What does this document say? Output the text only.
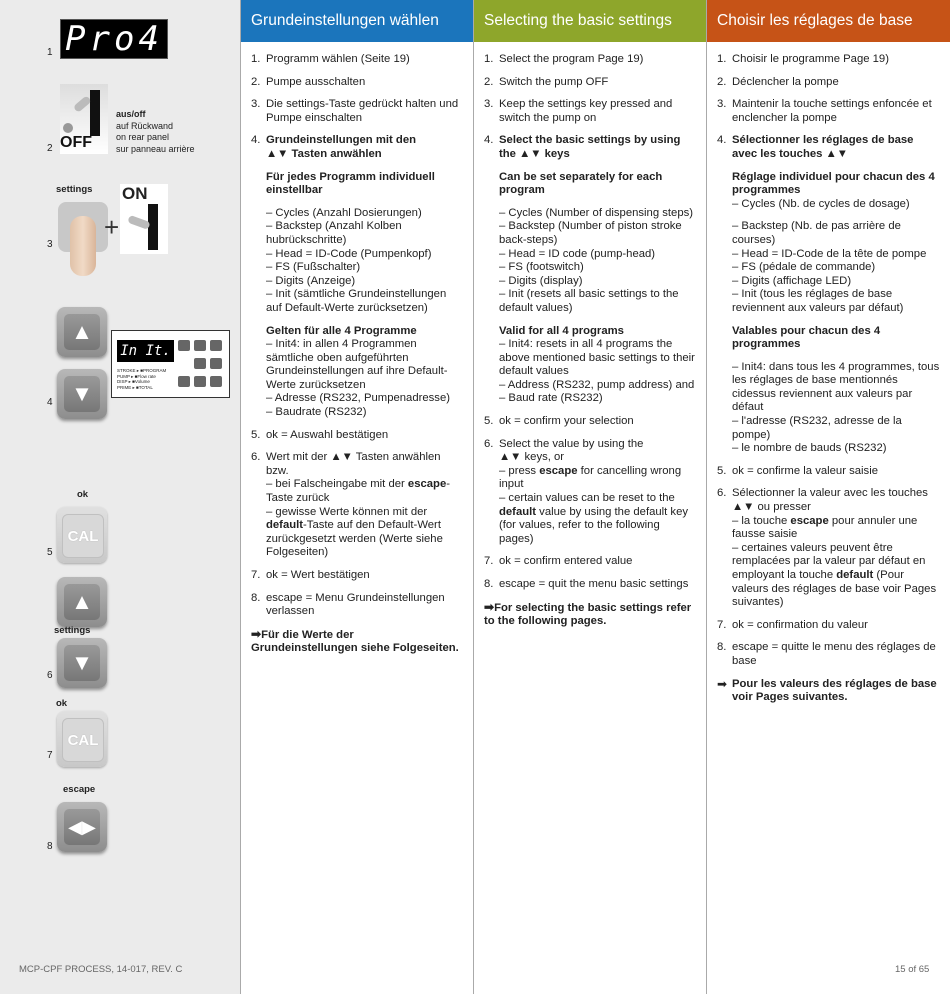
1 Pro4
2 OFF
aus/off
auf Rückwand
on rear panel
sur panneau arrière
settings
3
+
ON
4
▲
▼
In It.
STROKE ▸ ■PROGRAM
PUMP ▸ ■Flow rate
DISP ▸ ■Volume
PRIME ▸ ■TOTAL
ok
5
CAL
▲
settings
6
▼
ok
7
CAL
escape
8
◀▶
MCP-CPF PROCESS, 14-017, REV. C
Grundeinstellungen wählen
1. Programm wählen (Seite 19)
2. Pumpe ausschalten
3. Die settings-Taste gedrückt halten und Pumpe einschalten
4. Grundeinstellungen mit den
▲▼ Tasten anwählen

Für jedes Programm individuell einstellbar

– Cycles (Anzahl Dosierungen)
– Backstep (Anzahl Kolben hubrückschritte)
– Head = ID-Code (Pumpenkopf)
– FS (Fußschalter)
– Digits (Anzeige)
– Init (sämtliche Grundeinstellungen auf Default-Werte zurücksetzen)

Gelten für alle 4 Programme
– Init4: in allen 4 Programmen sämtliche oben aufgeführten Grundeinstellungen auf ihre Default-Werte zurücksetzen
– Adresse (RS232, Pumpenadresse)
– Baudrate (RS232)

5. ok = Auswahl bestätigen
6. Wert mit der ▲▼ Tasten anwählen bzw.
– bei Falscheingabe mit der escape-Taste zurück
– gewisse Werte können mit der default-Taste auf den Default-Wert zurückgesetzt werden (Werte siehe Folgeseiten)
7. ok = Wert bestätigen
8. escape = Menu Grundeinstellungen verlassen

➡Für die Werte der Grundeinstellungen siehe Folgeseiten.

Selecting the basic settings
1. Select the program Page 19)
2. Switch the pump OFF
3. Keep the settings key pressed and switch the pump on
4. Select the basic settings by using the ▲▼ keys

Can be set separately for each program

– Cycles (Number of dispensing steps)
– Backstep (Number of piston stroke back-steps)
– Head = ID code (pump-head)
– FS (footswitch)
– Digits (display)
– Init (resets all basic settings to the default values)

Valid for all 4 programs
– Init4: resets in all 4 programs the above mentioned basic settings to their default values
– Address (RS232, pump address) and
– Baud rate (RS232)

5. ok = confirm your selection
6. Select the value by using the
▲▼ keys, or
– press escape for cancelling wrong input
– certain values can be reset to the default value by using the default key (for values, refer to the following pages)
7. ok = confirm entered value
8. escape = quit the menu basic settings

➡For selecting the basic settings refer to the following pages.

Choisir les réglages de base
1. Choisir le programme Page 19)
2. Déclencher la pompe
3. Maintenir la touche settings enfoncée et enclencher la pompe
4. Sélectionner les réglages de base avec les touches ▲▼

Réglage individuel pour chacun des 4 programmes
– Cycles (Nb. de cycles de dosage)

– Backstep (Nb. de pas arrière de courses)
– Head = ID-Code de la tête de pompe
– FS (pédale de commande)
– Digits (affichage LED)
– Init (tous les réglages de base reviennent aux valeurs par défaut)

Valables pour chacun des 4 programmes

– Init4: dans tous les 4 programmes, tous les réglages de base mentionnés cidessus reviennent aux valeurs par défaut
– l'adresse (RS232, adresse de la pompe)
– le nombre de bauds (RS232)

5. ok = confirme la valeur saisie
6. Sélectionner la valeur avec les touches ▲▼ ou presser
– la touche escape pour annuler une fausse saisie
– certaines valeurs peuvent être remplacées par la valeur par défaut en employant la touche default (Pour valeurs des réglages de base voir Pages suivantes)
7. ok = confirmation du valeur
8. escape = quitte le menu des réglages de base
➡ Pour les valeurs des réglages de base voir Pages suivantes.
15 of 65
